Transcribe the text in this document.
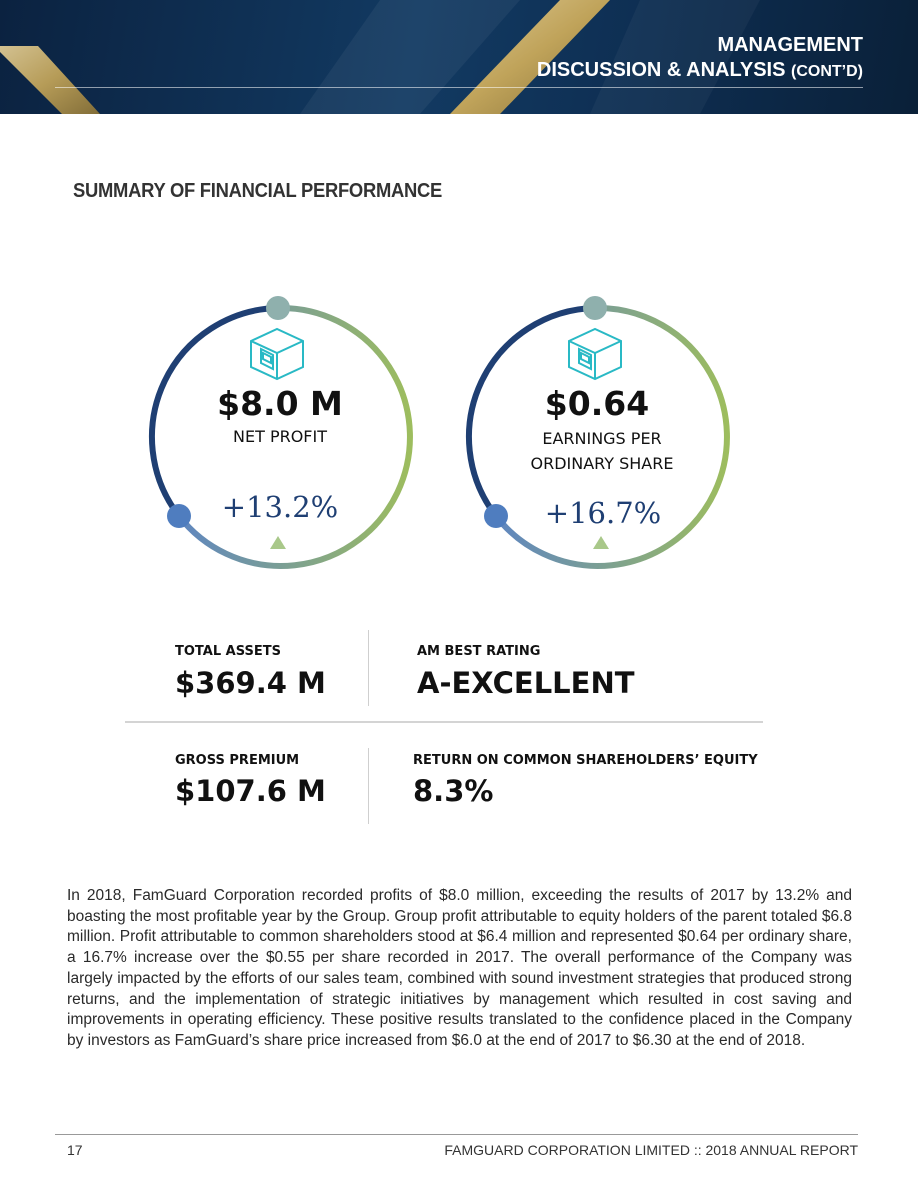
MANAGEMENT
DISCUSSION & ANALYSIS (CONT’D)
SUMMARY OF FINANCIAL PERFORMANCE
$8.0 M
NET PROFIT
+13.2%
$0.64
EARNINGS PER
ORDINARY SHARE
+16.7%
TOTAL ASSETS
$369.4 M
AM BEST RATING
A-EXCELLENT
GROSS PREMIUM
$107.6 M
RETURN ON COMMON SHAREHOLDERS’ EQUITY
8.3%
In 2018, FamGuard Corporation recorded profits of $8.0 million, exceeding the results of 2017 by 13.2% and boasting the most profitable year by the Group. Group profit attributable to equity holders of the parent totaled $6.8 million. Profit attributable to common shareholders stood at $6.4 million and represented $0.64 per ordinary share, a 16.7% increase over the $0.55 per share recorded in 2017. The overall performance of the Company was largely impacted by the efforts of our sales team, combined with sound investment strategies that produced strong returns, and the implementation of strategic initiatives by management which resulted in cost saving and improvements in operating efficiency. These positive results translated to the confidence placed in the Company by investors as FamGuard’s share price increased from $6.0 at the end of 2017 to $6.30 at the end of 2018.
17	FAMGUARD CORPORATION LIMITED :: 2018 ANNUAL REPORT
